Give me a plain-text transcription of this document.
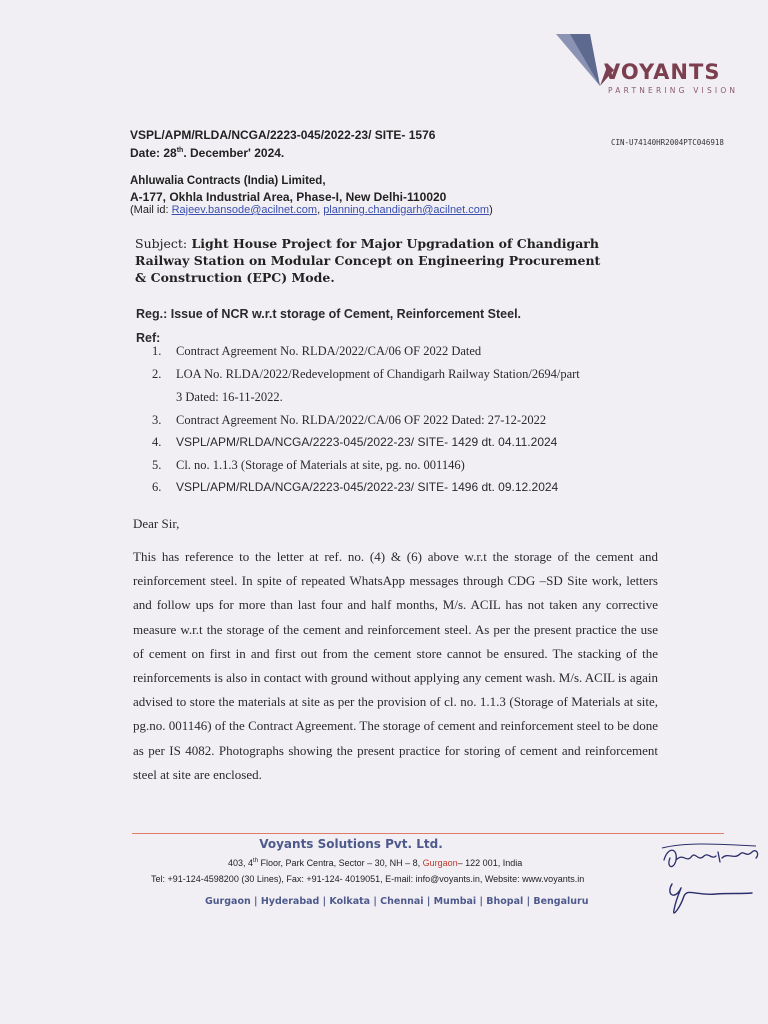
VOYANTS
PARTNERING VISION
CIN-U74140HR2004PTC046918
VSPL/APM/RLDA/NCGA/2223-045/2022-23/ SITE- 1576
Date: 28th. December' 2024.
Ahluwalia Contracts (India) Limited,
A-177, Okhla Industrial Area, Phase-I, New Delhi-110020
(Mail id: Rajeev.bansode@acilnet.com, planning.chandigarh@acilnet.com)
Subject: Light House Project for Major Upgradation of Chandigarh Railway Station on Modular Concept on Engineering Procurement & Construction (EPC) Mode.
Reg.: Issue of NCR w.r.t storage of Cement, Reinforcement Steel.
Ref:
1. Contract Agreement No. RLDA/2022/CA/06 OF 2022 Dated
2. LOA No. RLDA/2022/Redevelopment of Chandigarh Railway Station/2694/part
3 Dated: 16-11-2022.
3. Contract Agreement No. RLDA/2022/CA/06 OF 2022 Dated: 27-12-2022
4. VSPL/APM/RLDA/NCGA/2223-045/2022-23/ SITE- 1429 dt. 04.11.2024
5. Cl. no. 1.1.3 (Storage of Materials at site, pg. no. 001146)
6. VSPL/APM/RLDA/NCGA/2223-045/2022-23/ SITE- 1496 dt. 09.12.2024
Dear Sir,
This has reference to the letter at ref. no. (4) & (6) above w.r.t the storage of the cement and reinforcement steel. In spite of repeated WhatsApp messages through CDG –SD Site work, letters and follow ups for more than last four and half months, M/s. ACIL has not taken any corrective measure w.r.t the storage of the cement and reinforcement steel. As per the present practice the use of cement on first in and first out from the cement store cannot be ensured. The stacking of the reinforcements is also in contact with ground without applying any cement wash. M/s. ACIL is again advised to store the materials at site as per the provision of cl. no. 1.1.3 (Storage of Materials at site, pg.no. 001146) of the Contract Agreement. The storage of cement and reinforcement steel to be done as per IS 4082. Photographs showing the present practice for storing of cement and reinforcement steel at site are enclosed.
Voyants Solutions Pvt. Ltd.
403, 4th Floor, Park Centra, Sector – 30, NH – 8, Gurgaon– 122 001, India
Tel: +91-124-4598200 (30 Lines), Fax: +91-124- 4019051, E-mail: info@voyants.in, Website: www.voyants.in
Gurgaon | Hyderabad | Kolkata | Chennai | Mumbai | Bhopal | Bengaluru
